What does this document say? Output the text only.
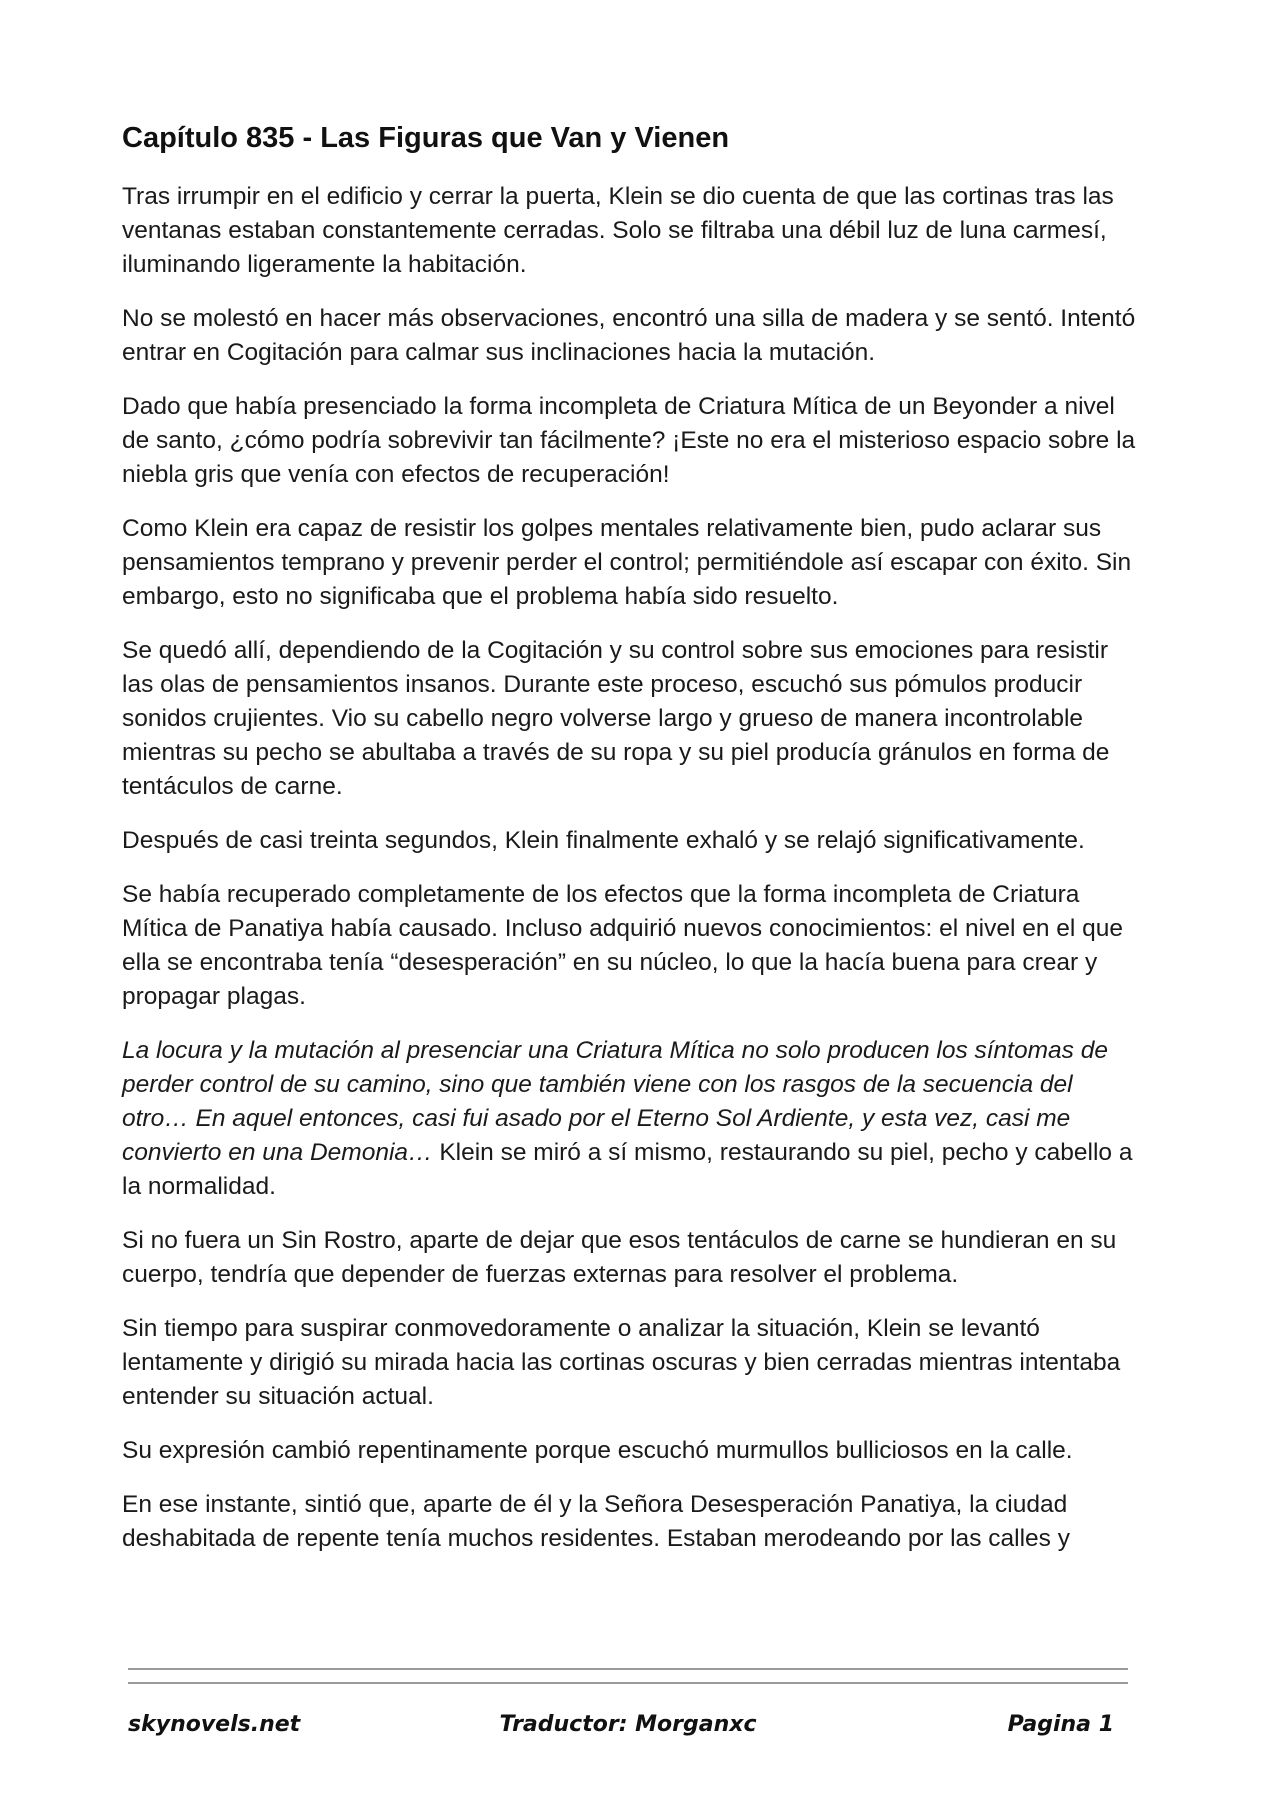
Capítulo 835 - Las Figuras que Van y Vienen

Tras irrumpir en el edificio y cerrar la puerta, Klein se dio cuenta de que las cortinas tras las ventanas estaban constantemente cerradas. Solo se filtraba una débil luz de luna carmesí, iluminando ligeramente la habitación.

No se molestó en hacer más observaciones, encontró una silla de madera y se sentó. Intentó entrar en Cogitación para calmar sus inclinaciones hacia la mutación.

Dado que había presenciado la forma incompleta de Criatura Mítica de un Beyonder a nivel de santo, ¿cómo podría sobrevivir tan fácilmente? ¡Este no era el misterioso espacio sobre la niebla gris que venía con efectos de recuperación!

Como Klein era capaz de resistir los golpes mentales relativamente bien, pudo aclarar sus pensamientos temprano y prevenir perder el control; permitiéndole así escapar con éxito. Sin embargo, esto no significaba que el problema había sido resuelto.

Se quedó allí, dependiendo de la Cogitación y su control sobre sus emociones para resistir las olas de pensamientos insanos. Durante este proceso, escuchó sus pómulos producir sonidos crujientes. Vio su cabello negro volverse largo y grueso de manera incontrolable mientras su pecho se abultaba a través de su ropa y su piel producía gránulos en forma de tentáculos de carne.

Después de casi treinta segundos, Klein finalmente exhaló y se relajó significativamente.

Se había recuperado completamente de los efectos que la forma incompleta de Criatura Mítica de Panatiya había causado. Incluso adquirió nuevos conocimientos: el nivel en el que ella se encontraba tenía “desesperación” en su núcleo, lo que la hacía buena para crear y propagar plagas.

La locura y la mutación al presenciar una Criatura Mítica no solo producen los síntomas de perder control de su camino, sino que también viene con los rasgos de la secuencia del otro… En aquel entonces, casi fui asado por el Eterno Sol Ardiente, y esta vez, casi me convierto en una Demonia… Klein se miró a sí mismo, restaurando su piel, pecho y cabello a la normalidad.

Si no fuera un Sin Rostro, aparte de dejar que esos tentáculos de carne se hundieran en su cuerpo, tendría que depender de fuerzas externas para resolver el problema.

Sin tiempo para suspirar conmovedoramente o analizar la situación, Klein se levantó lentamente y dirigió su mirada hacia las cortinas oscuras y bien cerradas mientras intentaba entender su situación actual.

Su expresión cambió repentinamente porque escuchó murmullos bulliciosos en la calle.

En ese instante, sintió que, aparte de él y la Señora Desesperación Panatiya, la ciudad deshabitada de repente tenía muchos residentes. Estaban merodeando por las calles y

skynovels.net	Traductor: Morganxc	Pagina 1
